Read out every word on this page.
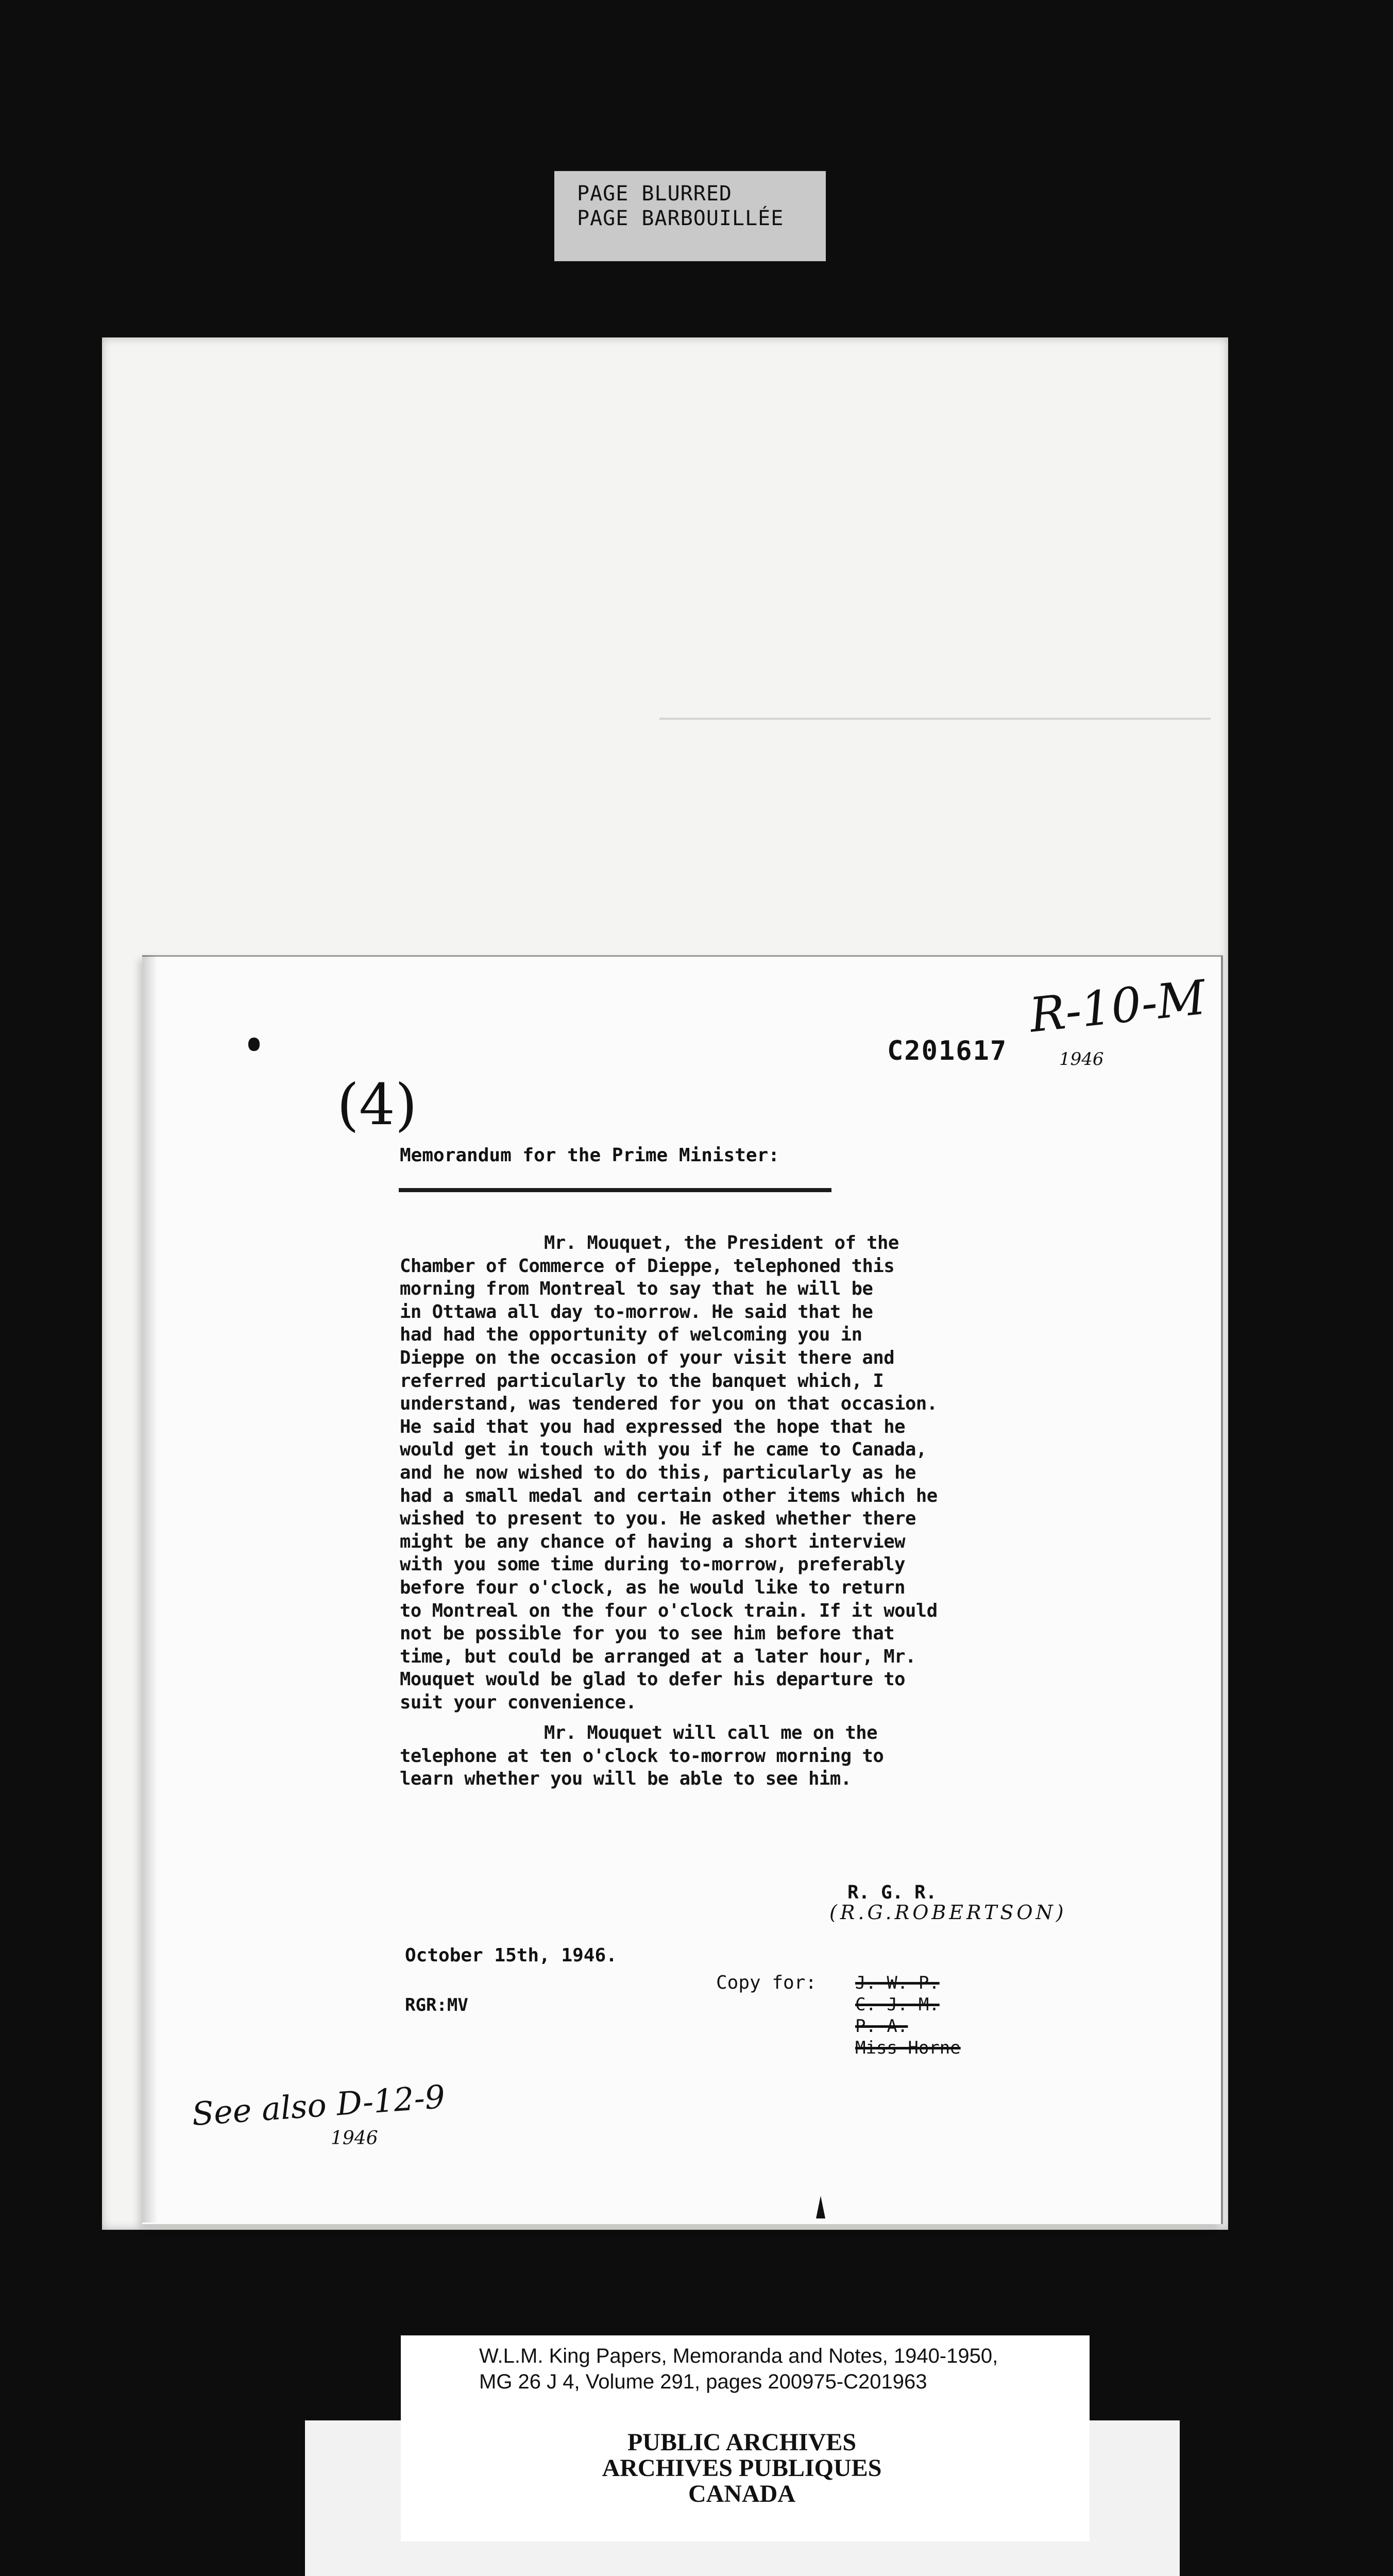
PAGE BLURRED
PAGE BARBOUILLÉE
C201617
R-10-M
1946
(4)
Memorandum for the Prime Minister:
Mr. Mouquet, the President of the
Chamber of Commerce of Dieppe, telephoned this
morning from Montreal to say that he will be
in Ottawa all day to-morrow. He said that he
had had the opportunity of welcoming you in
Dieppe on the occasion of your visit there and
referred particularly to the banquet which, I
understand, was tendered for you on that occasion.
He said that you had expressed the hope that he
would get in touch with you if he came to Canada,
and he now wished to do this, particularly as he
had a small medal and certain other items which he
wished to present to you. He asked whether there
might be any chance of having a short interview
with you some time during to-morrow, preferably
before four o'clock, as he would like to return
to Montreal on the four o'clock train. If it would
not be possible for you to see him before that
time, but could be arranged at a later hour, Mr.
Mouquet would be glad to defer his departure to
suit your convenience.
Mr. Mouquet will call me on the
telephone at ten o'clock to-morrow morning to
learn whether you will be able to see him.
R. G. R.
(R.G.ROBERTSON)
October 15th, 1946.
RGR:MV
Copy for: J. W. P.
C. J. M.
P. A.
Miss Horne
See also D-12-9
1946
W.L.M. King Papers, Memoranda and Notes, 1940-1950,
MG 26 J 4, Volume 291, pages 200975-C201963
PUBLIC ARCHIVES
ARCHIVES PUBLIQUES
CANADA
